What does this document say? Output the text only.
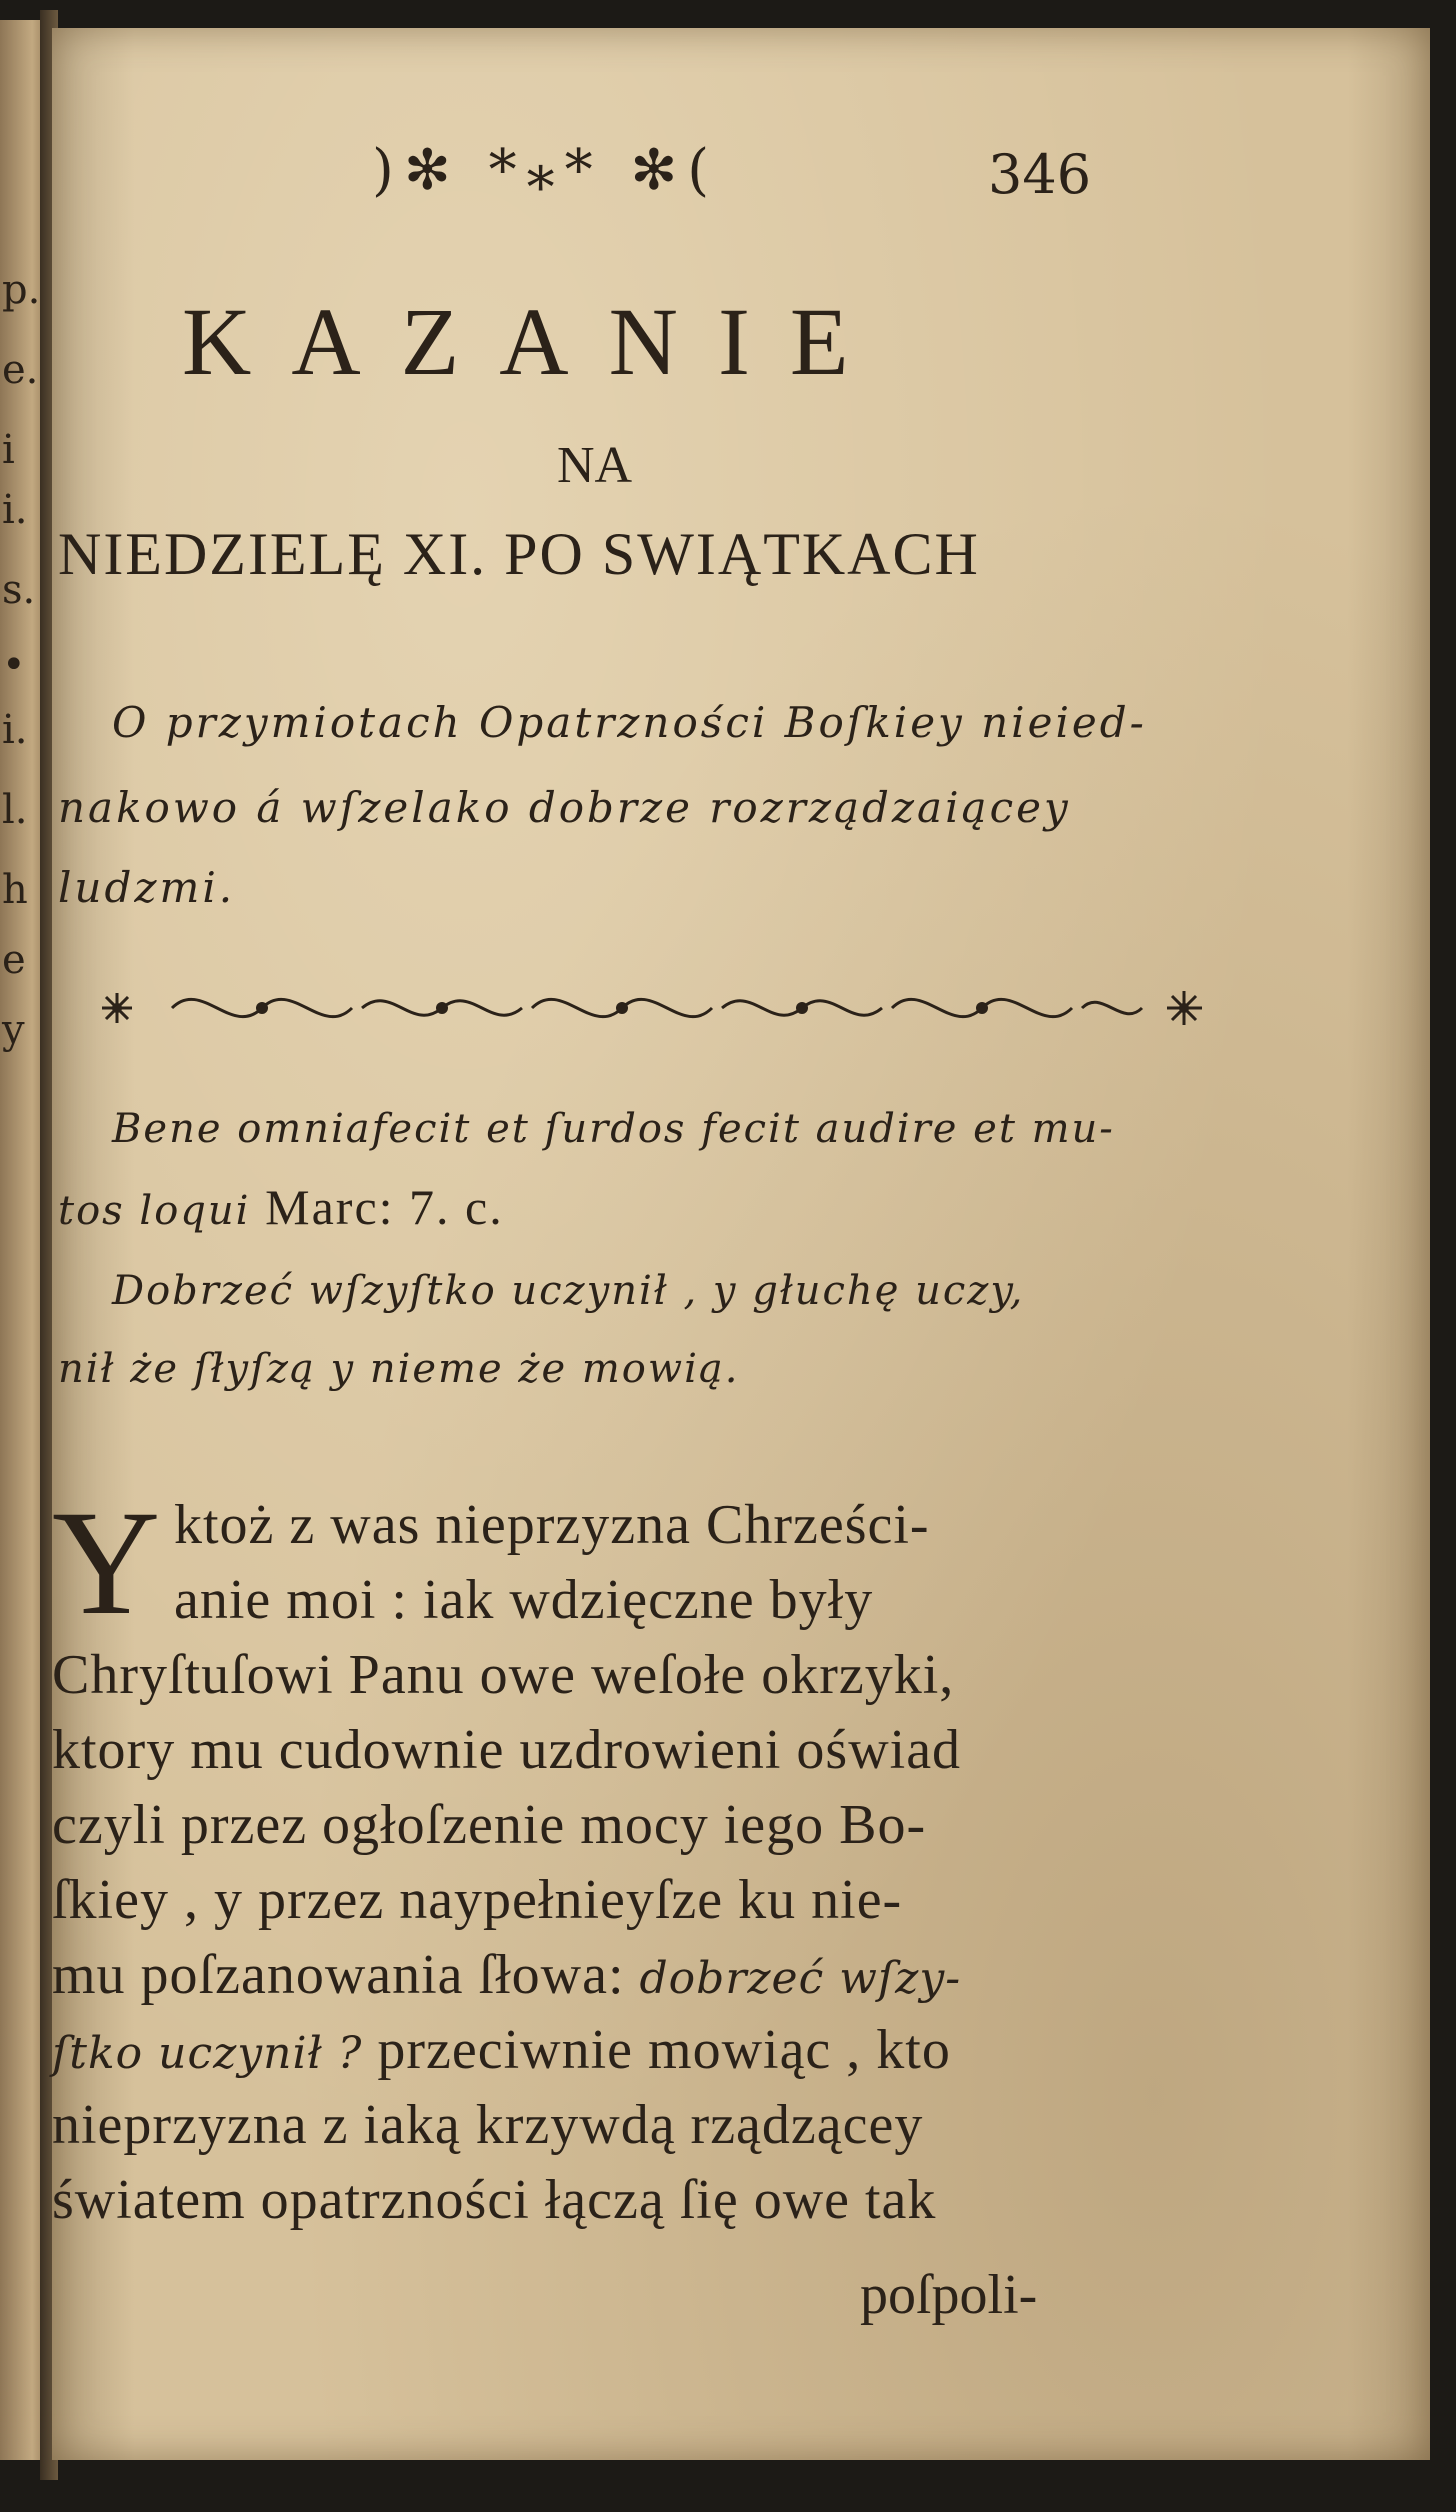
p.
e.
i
i.
s.
•
i.
l.
h
e
y
)✻ *⁎* ✻(	346
KAZANIE
NA
NIEDZIELĘ XI. PO SWIĄTKACH
O przymiotach Opatrzności Boſkiey nieied-
nakowo á wſzelako dobrze rozrządzaiącey
ludzmi.
Bene omniafecit et ſurdos fecit audire et mu-
tos loqui Marc: 7. c.
Dobrzeć wſzyſtko uczynił , y głuchę uczy,
nił że ſłyſzą y nieme że mowią.
Y ktoż z was nieprzyzna Chrześci-
anie moi : iak wdzięczne były
Chryſtuſowi Panu owe weſołe okrzyki,
ktory mu cudownie uzdrowieni oświad
czyli przez ogłoſzenie mocy iego Bo-
ſkiey , y przez naypełnieyſze ku nie-
mu poſzanowania ſłowa: dobrzeć wſzy-
ſtko uczynił ? przeciwnie mowiąc , kto
nieprzyzna z iaką krzywdą rządzącey
światem opatrzności łączą ſię owe tak
poſpoli-
